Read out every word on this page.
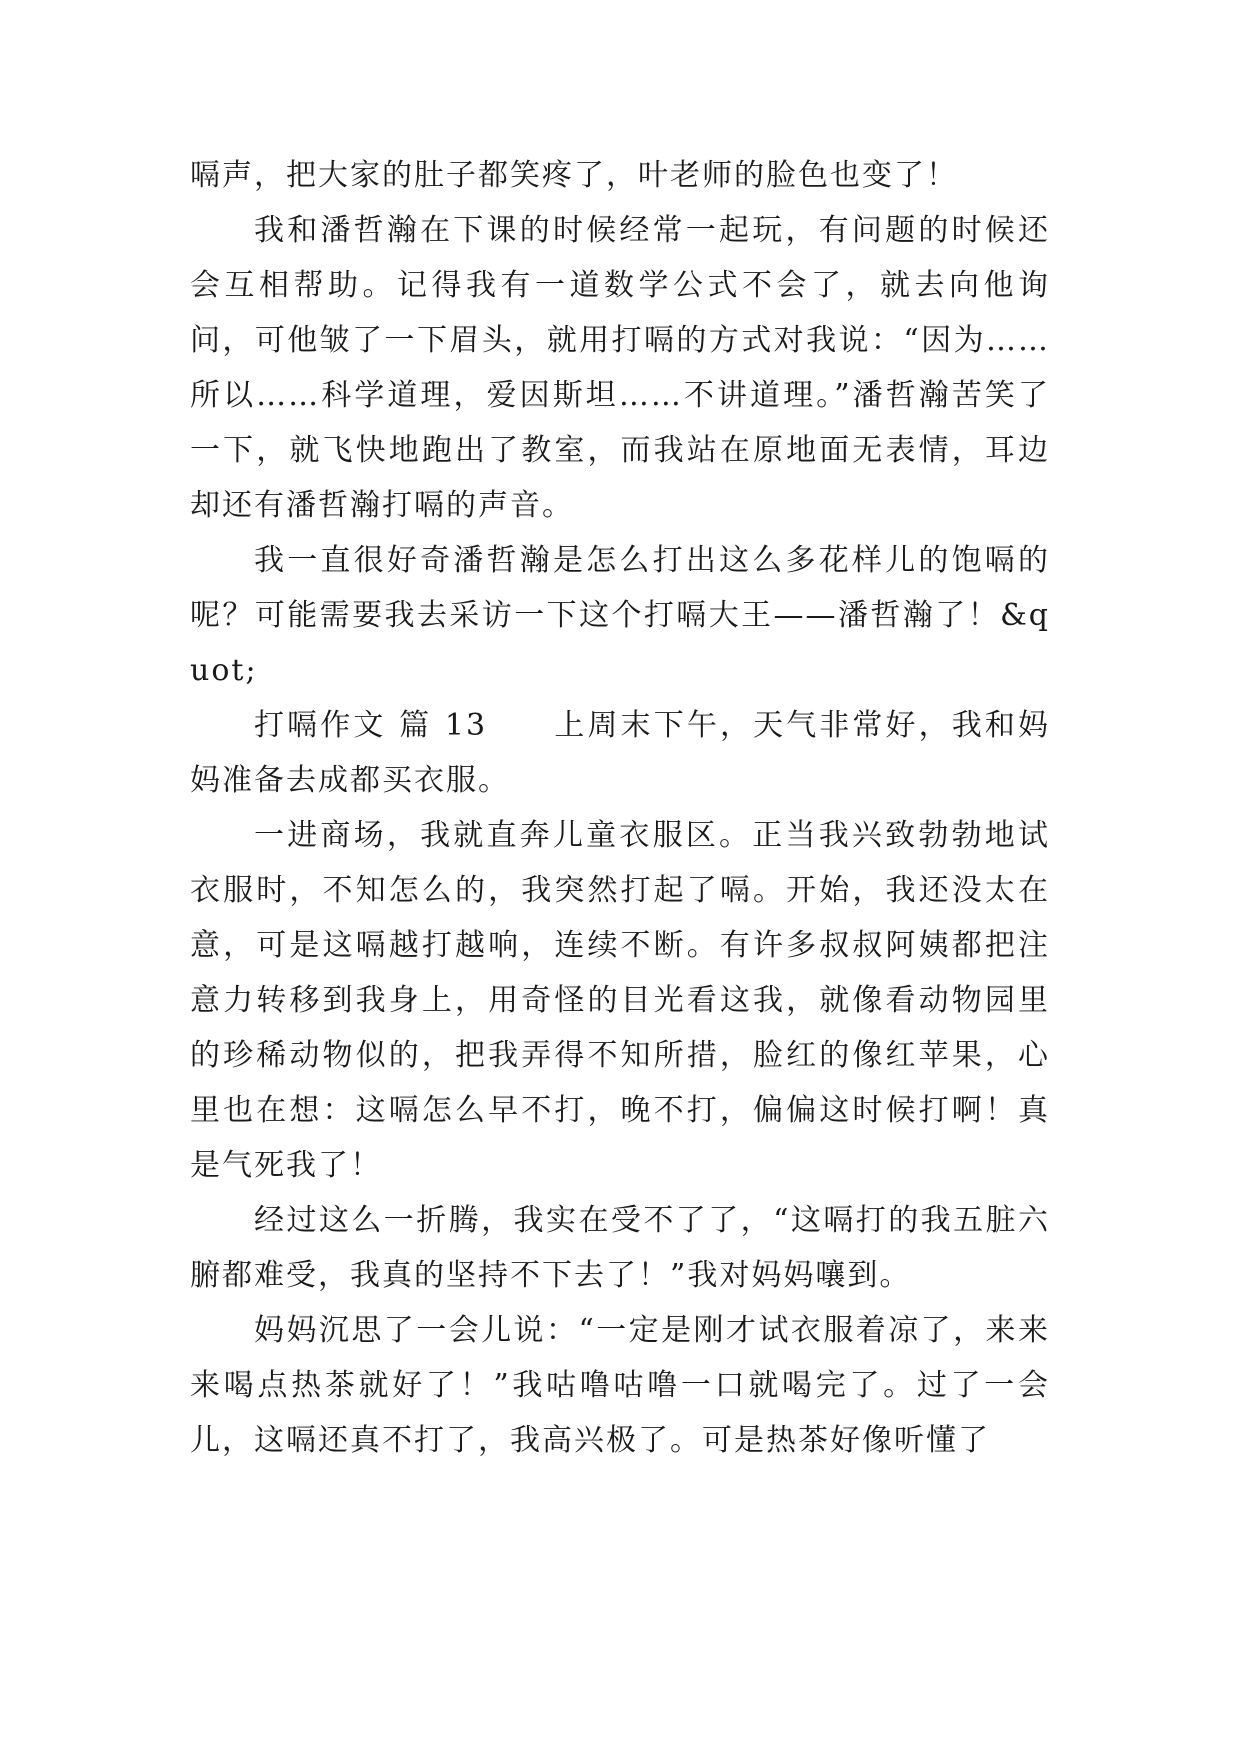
嗝声，把大家的肚子都笑疼了，叶老师的脸色也变了！

我和潘哲瀚在下课的时候经常一起玩，有问题的时候还会互相帮助。记得我有一道数学公式不会了，就去向他询问，可他皱了一下眉头，就用打嗝的方式对我说：“因为……所以……科学道理，爱因斯坦……不讲道理。”潘哲瀚苦笑了一下，就飞快地跑出了教室，而我站在原地面无表情，耳边却还有潘哲瀚打嗝的声音。

我一直很好奇潘哲瀚是怎么打出这么多花样儿的饱嗝的呢？可能需要我去采访一下这个打嗝大王——潘哲瀚了！&quot;

打嗝作文 篇 13　　上周末下午，天气非常好，我和妈妈准备去成都买衣服。

一进商场，我就直奔儿童衣服区。正当我兴致勃勃地试衣服时，不知怎么的，我突然打起了嗝。开始，我还没太在意，可是这嗝越打越响，连续不断。有许多叔叔阿姨都把注意力转移到我身上，用奇怪的目光看这我，就像看动物园里的珍稀动物似的，把我弄得不知所措，脸红的像红苹果，心里也在想：这嗝怎么早不打，晚不打，偏偏这时候打啊！真是气死我了！

经过这么一折腾，我实在受不了了，“这嗝打的我五脏六腑都难受，我真的坚持不下去了！”我对妈妈嚷到。

妈妈沉思了一会儿说：“一定是刚才试衣服着凉了，来来来喝点热茶就好了！”我咕噜咕噜一口就喝完了。过了一会儿，这嗝还真不打了，我高兴极了。可是热茶好像听懂了
